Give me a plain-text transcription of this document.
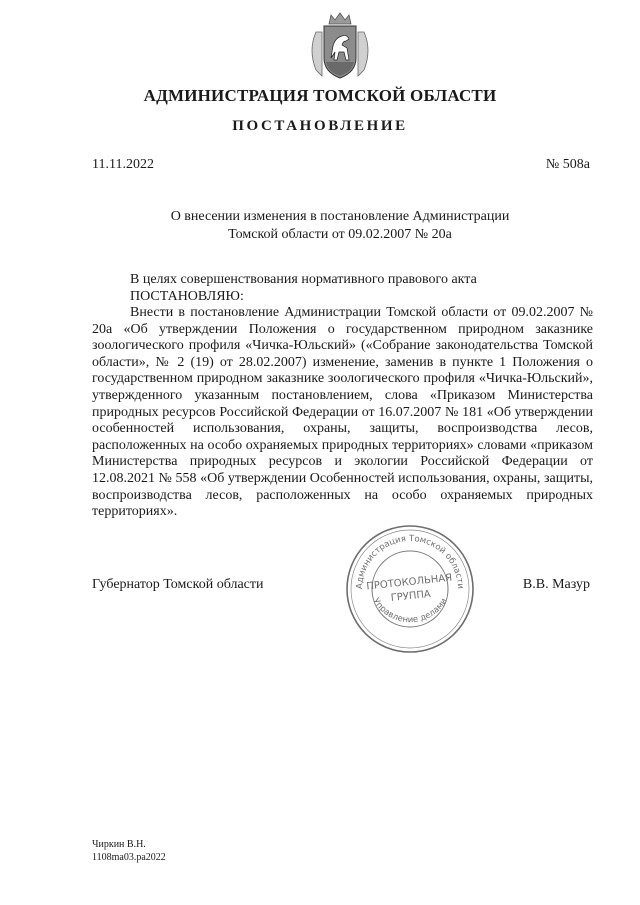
АДМИНИСТРАЦИЯ ТОМСКОЙ ОБЛАСТИ
ПОСТАНОВЛЕНИЕ
11.11.2022	№ 508а
О внесении изменения в постановление Администрации
Томской области от 09.02.2007 № 20а

В целях совершенствования нормативного правового акта

ПОСТАНОВЛЯЮ:

Внести в постановление Администрации Томской области от 09.02.2007 № 20а «Об утверждении Положения о государственном природном заказнике зоологического профиля «Чичка-Юльский» («Собрание законодательства Томской области», № 2 (19) от 28.02.2007) изменение, заменив в пункте 1 Положения о государственном природном заказнике зоологического профиля «Чичка-Юльский», утвержденного указанным постановлением, слова «Приказом Министерства природных ресурсов Российской Федерации от 16.07.2007 № 181 «Об утверждении особенностей использования, охраны, защиты, воспроизводства лесов, расположенных на особо охраняемых природных территориях» словами «приказом Министерства природных ресурсов и экологии Российской Федерации от 12.08.2021 № 558 «Об утверждении Особенностей использования, охраны, защиты, воспроизводства лесов, расположенных на особо охраняемых природных территориях».

Губернатор Томской области	В.В. Мазур
Администрация Томской области
Управление делами
ПРОТОКОЛЬНАЯ
ГРУППА
Чиркин В.Н.
1108ma03.pa2022
